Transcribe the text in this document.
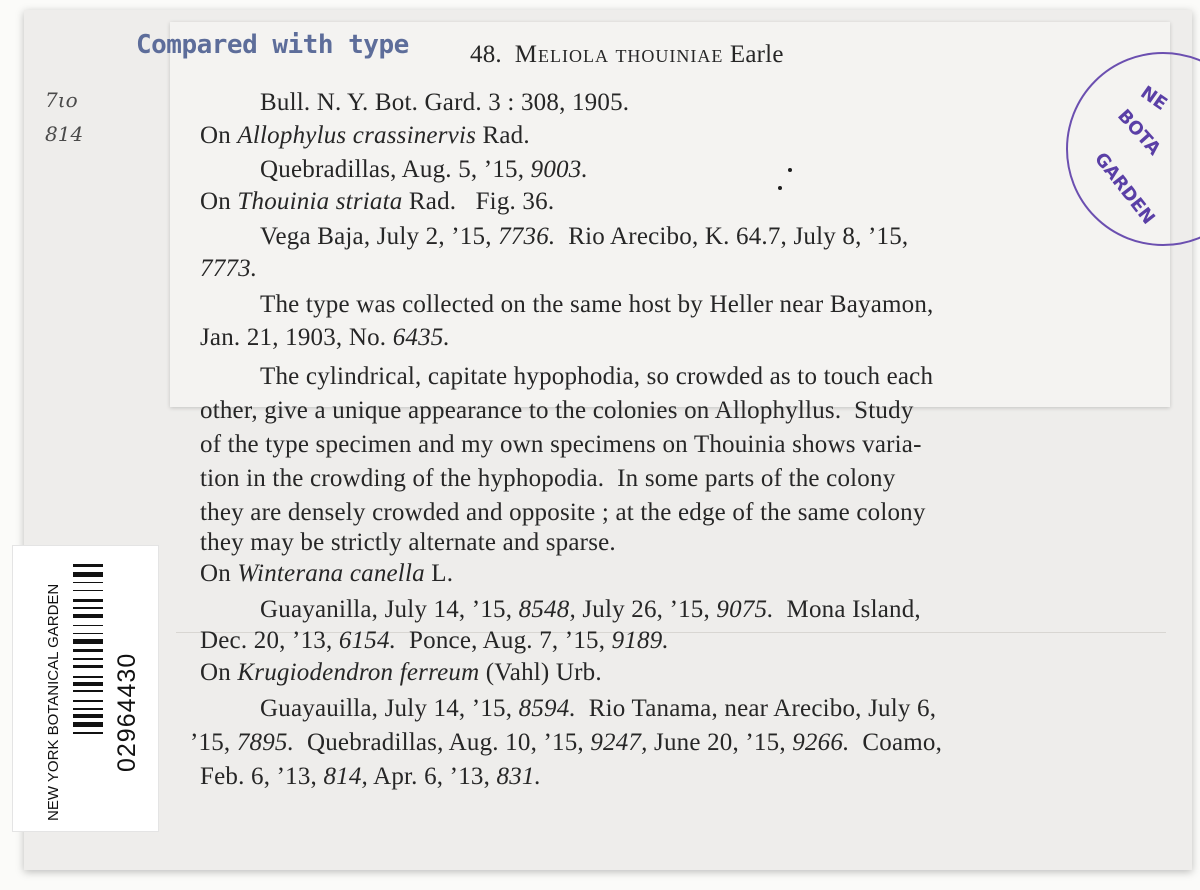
Compared with type 48. Meliola thouiniae Earle
7ιo
814
Bull. N. Y. Bot. Gard. 3 : 308, 1905.
On Allophylus crassinervis Rad.
Quebradillas, Aug. 5, ’15, 9003.
On Thouinia striata Rad.   Fig. 36.
Vega Baja, July 2, ’15, 7736.  Rio Arecibo, K. 64.7, July 8, ’15,
7773.
The type was collected on the same host by Heller near Bayamon,
Jan. 21, 1903, No. 6435.
The cylindrical, capitate hypophodia, so crowded as to touch each
other, give a unique appearance to the colonies on Allophyllus.  Study
of the type specimen and my own specimens on Thouinia shows varia-
tion in the crowding of the hyphopodia.  In some parts of the colony
they are densely crowded and opposite ; at the edge of the same colony
they may be strictly alternate and sparse.
On Winterana canella L.
Guayanilla, July 14, ’15, 8548, July 26, ’15, 9075.  Mona Island,
Dec. 20, ’13, 6154.  Ponce, Aug. 7, ’15, 9189.
On Krugiodendron ferreum (Vahl) Urb.
Guayauilla, July 14, ’15, 8594.  Rio Tanama, near Arecibo, July 6,
’15, 7895.  Quebradillas, Aug. 10, ’15, 9247, June 20, ’15, 9266.  Coamo,
Feb. 6, ’13, 814, Apr. 6, ’13, 831.
NE
BOTA
GARDEN
NEW YORK BOTANICAL GARDEN 02964430
